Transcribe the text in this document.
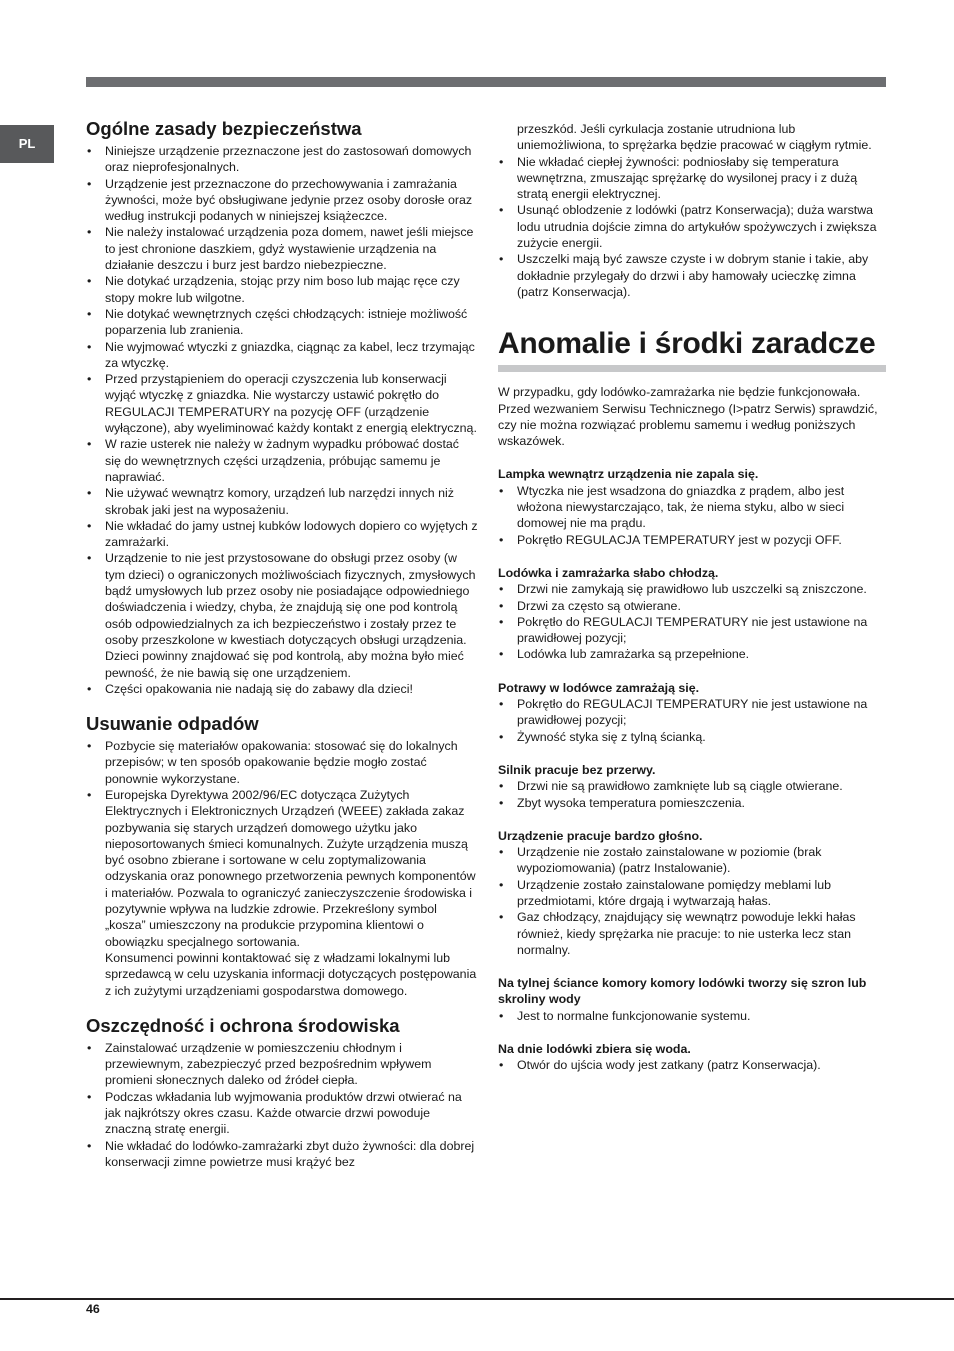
PL
Ogólne zasady bezpieczeństwa
• Niniejsze urządzenie przeznaczone jest do zastosowań domowych oraz nieprofesjonalnych.
• Urządzenie jest przeznaczone do przechowywania i zamrażania żywności, może być obsługiwane jedynie przez osoby dorosłe oraz według instrukcji podanych w niniejszej książeczce.
• Nie należy instalować urządzenia poza domem, nawet jeśli miejsce to jest chronione daszkiem, gdyż wystawienie urządzenia na działanie deszczu i burz jest bardzo niebezpieczne.
• Nie dotykać urządzenia, stojąc przy nim boso lub mając ręce czy stopy mokre lub wilgotne.
• Nie dotykać wewnętrznych części chłodzących: istnieje możliwość poparzenia lub zranienia.
• Nie wyjmować wtyczki z gniazdka, ciągnąc za kabel, lecz trzymając za wtyczkę.
• Przed przystąpieniem do operacji czyszczenia lub konserwacji wyjąć wtyczkę z gniazdka. Nie wystarczy ustawić pokrętło do REGULACJI TEMPERATURY na pozycję OFF (urządzenie wyłączone), aby wyeliminować każdy kontakt z energią elektryczną.
• W razie usterek nie należy w żadnym wypadku próbować dostać się do wewnętrznych części urządzenia, próbując samemu je naprawiać.
• Nie używać wewnątrz komory, urządzeń lub narzędzi innych niż skrobak jaki jest na wyposażeniu.
• Nie wkładać do jamy ustnej kubków lodowych dopiero co wyjętych z zamrażarki.
• Urządzenie to nie jest przystosowane do obsługi przez osoby (w tym dzieci) o ograniczonych możliwościach fizycznych, zmysłowych bądź umysłowych lub przez osoby nie posiadające odpowiedniego doświadczenia i wiedzy, chyba, że znajdują się one pod kontrolą osób odpowiedzialnych za ich bezpieczeństwo i zostały przez te osoby przeszkolone w kwestiach dotyczących obsługi urządzenia. Dzieci powinny znajdować się pod kontrolą, aby można było mieć pewność, że nie bawią się one urządzeniem.
• Części opakowania nie nadają się do zabawy dla dzieci!
Usuwanie odpadów
• Pozbycie się materiałów opakowania: stosować się do lokalnych przepisów; w ten sposób opakowanie będzie mogło zostać ponownie wykorzystane.
• Europejska Dyrektywa 2002/96/EC dotycząca Zużytych Elektrycznych i Elektronicznych Urządzeń (WEEE) zakłada zakaz pozbywania się starych urządzeń domowego użytku jako nieposortowanych śmieci komunalnych. Zużyte urządzenia muszą być osobno zbierane i sortowane w celu zoptymalizowania odzyskania oraz ponownego przetworzenia pewnych komponentów i materiałów. Pozwala to ograniczyć zanieczyszczenie środowiska i pozytywnie wpływa na ludzkie zdrowie. Przekreślony symbol „kosza” umieszczony na produkcie przypomina klientowi o obowiązku specjalnego sortowania.
Konsumenci powinni kontaktować się z władzami lokalnymi lub sprzedawcą w celu uzyskania informacji dotyczących postępowania z ich zużytymi urządzeniami gospodarstwa domowego.
Oszczędność i ochrona środowiska
• Zainstalować urządzenie w pomieszczeniu chłodnym i przewiewnym, zabezpieczyć przed bezpośrednim wpływem promieni słonecznych daleko od źródeł ciepła.
• Podczas wkładania lub wyjmowania produktów drzwi otwierać na jak najkrótszy okres czasu. Każde otwarcie drzwi powoduje znaczną stratę energii.
• Nie wkładać do lodówko-zamrażarki zbyt dużo żywności: dla dobrej konserwacji zimne powietrze musi krążyć bez
przeszkód. Jeśli cyrkulacja zostanie utrudniona lub uniemożliwiona, to sprężarka będzie pracować w ciągłym rytmie.
• Nie wkładać ciepłej żywności: podniosłaby się temperatura wewnętrzna, zmuszając sprężarkę do wysilonej pracy i z dużą stratą energii elektrycznej.
• Usunąć oblodzenie z lodówki (patrz Konserwacja); duża warstwa lodu utrudnia dojście zimna do artykułów spożywczych i zwiększa zużycie energii.
• Uszczelki mają być zawsze czyste i w dobrym stanie i takie, aby dokładnie przylegały do drzwi i aby hamowały ucieczkę zimna (patrz Konserwacja).
Anomalie i środki zaradcze

W przypadku, gdy lodówko-zamrażarka nie będzie funkcjonowała. Przed wezwaniem Serwisu Technicznego (I>patrz Serwis) sprawdzić, czy nie można rozwiązać problemu samemu i według poniższych wskazówek.

Lampka wewnątrz urządzenia nie zapala się.

• Wtyczka nie jest wsadzona do gniazdka z prądem, albo jest włożona niewystarczająco, tak, że niema styku, albo w sieci domowej nie ma prądu.
• Pokrętło REGULACJA TEMPERATURY jest w pozycji OFF.

Lodówka i zamrażarka słabo chłodzą.

• Drzwi nie zamykają się prawidłowo lub uszczelki są zniszczone.
• Drzwi za często są otwierane.
• Pokrętło do REGULACJI TEMPERATURY nie jest ustawione na prawidłowej pozycji;
• Lodówka lub zamrażarka są przepełnione.

Potrawy w lodówce zamrażają się.

• Pokrętło do REGULACJI TEMPERATURY nie jest ustawione na prawidłowej pozycji;
• Żywność styka się z tylną ścianką.

Silnik pracuje bez przerwy.

• Drzwi nie są prawidłowo zamknięte lub są ciągle otwierane.
• Zbyt wysoka temperatura pomieszczenia.

Urządzenie pracuje bardzo głośno.

• Urządzenie nie zostało zainstalowane w poziomie (brak wypoziomowania) (patrz Instalowanie).
• Urządzenie zostało zainstalowane pomiędzy meblami lub przedmiotami, które drgają i wytwarzają hałas.
• Gaz chłodzący, znajdujący się wewnątrz powoduje lekki hałas również, kiedy sprężarka nie pracuje: to nie usterka lecz stan normalny.

Na tylnej ściance komory komory lodówki tworzy się szron lub skroliny wody

• Jest to normalne funkcjonowanie systemu.

Na dnie lodówki zbiera się woda.

• Otwór do ujścia wody jest zatkany (patrz Konserwacja).
46
